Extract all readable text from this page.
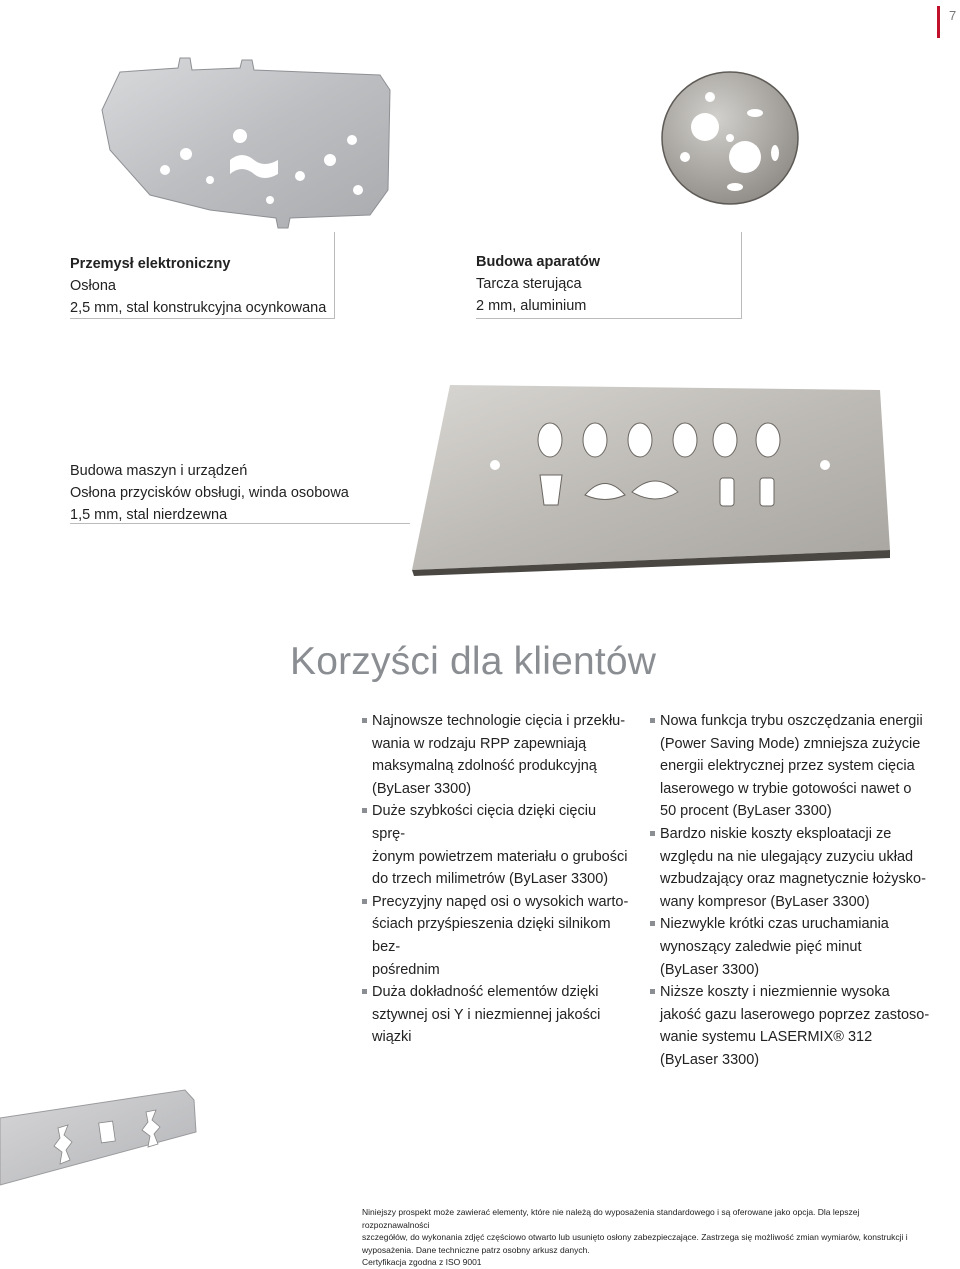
7
Przemysł elektroniczny
Osłona
2,5 mm, stal konstrukcyjna ocynkowana
Budowa aparatów
Tarcza sterująca
2 mm, aluminium
Budowa maszyn i urządzeń
Osłona przycisków obsługi, winda osobowa
1,5 mm, stal nierdzewna
Korzyści dla klientów
Najnowsze technologie cięcia i przekłu-
wania w rodzaju RPP zapewniają
maksymalną zdolność produkcyjną
(ByLaser 3300)
Duże szybkości cięcia dzięki cięciu sprę-
żonym powietrzem materiału o grubości
do trzech milimetrów (ByLaser 3300)
Precyzyjny napęd osi o wysokich warto-
ściach przyśpieszenia dzięki silnikom bez-
pośrednim
Duża dokładność elementów dzięki
sztywnej osi Y i niezmiennej jakości
wiązki
Nowa funkcja trybu oszczędzania energii
(Power Saving Mode) zmniejsza zużycie
energii elektrycznej przez system cięcia
laserowego w trybie gotowości nawet o
50 procent (ByLaser 3300)
Bardzo niskie koszty eksploatacji ze
względu na nie ulegający zuzyciu układ
wzbudzający oraz magnetycznie łożysko-
wany kompresor (ByLaser 3300)
Niezwykle krótki czas uruchamiania
wynoszący zaledwie pięć minut
(ByLaser 3300)
Niższe koszty i niezmiennie wysoka
jakość gazu laserowego poprzez zastoso-
wanie systemu LASERMIX® 312
(ByLaser 3300)
Niniejszy prospekt może zawierać elementy, które nie należą do wyposażenia standardowego i są oferowane jako opcja. Dla lepszej rozpoznawalności
szczegółów, do wykonania zdjęć częściowo otwarto lub usunięto osłony zabezpieczające. Zastrzega się możliwość zmian wymiarów, konstrukcji i
wyposażenia. Dane techniczne patrz osobny arkusz danych.
Certyfikacja zgodna z ISO 9001
